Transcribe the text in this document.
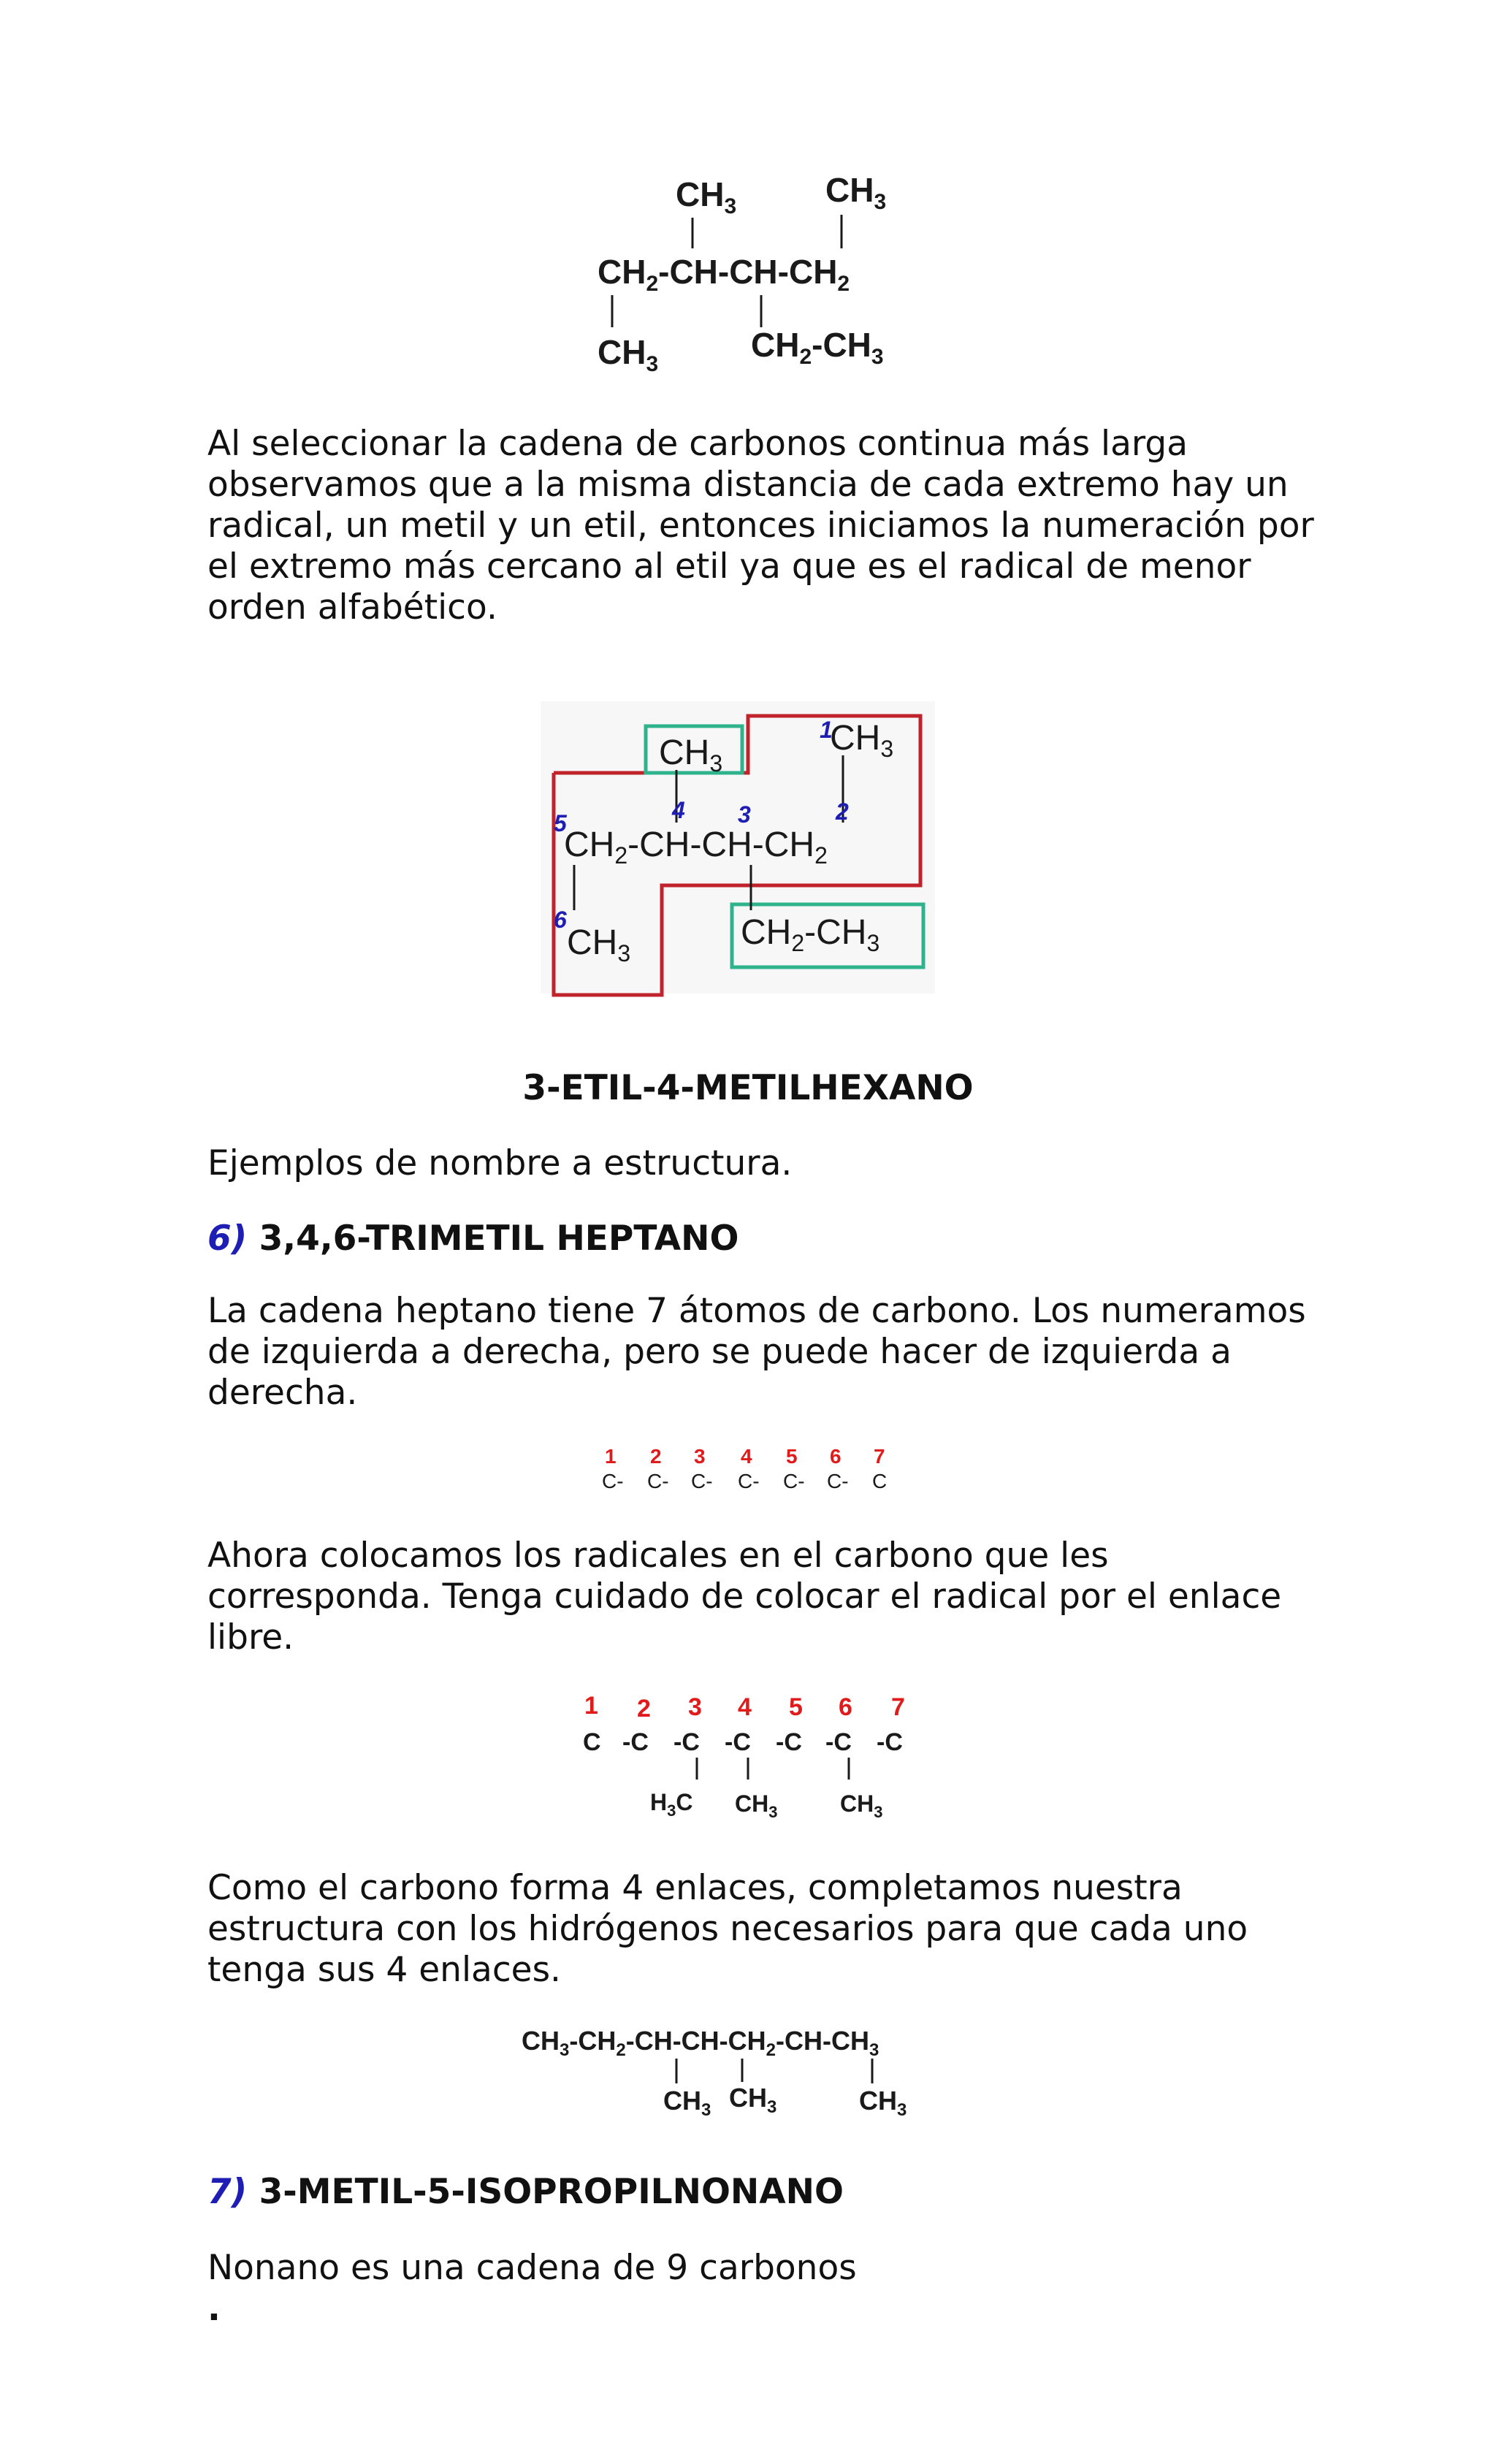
$CH_3$	$CH_3$
$CH_2-CH-CH-CH_2$
$CH_3$
$CH_2-CH_3$
Al seleccionar la cadena de carbonos continua más larga
observamos que a la misma distancia de cada extremo hay un
radical, un metil y un etil, entonces iniciamos la numeración por
el extremo más cercano al etil ya que es el radical de menor
orden alfabético.
$CH_3$
$CH_3$
$CH_2-CH-CH-CH_2$
$CH_3$
$CH_2-CH_3$
1
2
3
4
5
6
3-ETIL-4-METILHEXANO
Ejemplos de nombre a estructura.
6) 3,4,6-TRIMETIL HEPTANO
La cadena heptano tiene 7 átomos de carbono. Los numeramos
de izquierda a derecha, pero se puede hacer de izquierda a
derecha.
1 2 3 4 5 6 7
C- C- C- C- C- C- C
Ahora colocamos los radicales en el carbono que les
corresponda. Tenga cuidado de colocar el radical por el enlace
libre.
1 2 3 4 5 6 7
C -C -C -C -C -C -C
$H_3C$ $CH_3$	$CH_3$
Como el carbono forma 4 enlaces, completamos nuestra
estructura con los hidrógenos necesarios para que cada uno
tenga sus 4 enlaces.
$CH_3-CH_2-CH-CH-CH_2-CH-CH_3$
$CH_3$ $CH_3$	$CH_3$
7) 3-METIL-5-ISOPROPILNONANO
Nonano es una cadena de 9 carbonos
.
